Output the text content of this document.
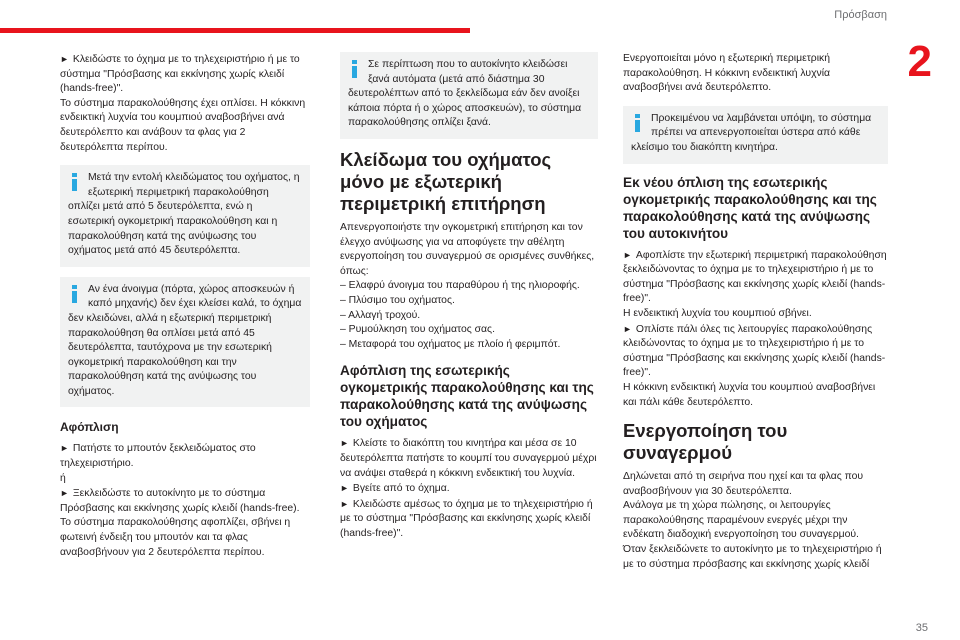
Πρόσβαση
2

► Κλειδώστε το όχημα με το τηλεχειριστήριο ή με το σύστημα "Πρόσβασης και εκκίνησης χωρίς κλειδί (hands-free)".

Το σύστημα παρακολούθησης έχει οπλίσει. Η κόκκινη ενδεικτική λυχνία του κουμπιού αναβοσβήνει ανά δευτερόλεπτο και ανάβουν τα φλας για 2 δευτερόλεπτα περίπου.

Μετά την εντολή κλειδώματος του οχήματος, η εξωτερική περιμετρική παρακολούθηση οπλίζει μετά από 5 δευτερόλεπτα, ενώ η εσωτερική ογκομετρική παρακολούθηση και η παρακολούθηση κατά της ανύψωσης του οχήματος μετά από 45 δευτερόλεπτα.
Αν ένα άνοιγμα (πόρτα, χώρος αποσκευών ή καπό μηχανής) δεν έχει κλείσει καλά, το όχημα δεν κλειδώνει, αλλά η εξωτερική περιμετρική παρακολούθηση θα οπλίσει μετά από 45 δευτερόλεπτα, ταυτόχρονα με την εσωτερική ογκομετρική παρακολούθηση και την παρακολούθηση κατά της ανύψωσης του οχήματος.
Αφόπλιση

► Πατήστε το μπουτόν ξεκλειδώματος στο τηλεχειριστήριο.

ή

► Ξεκλειδώστε το αυτοκίνητο με το σύστημα Πρόσβασης και εκκίνησης χωρίς κλειδί (hands-free).

Το σύστημα παρακολούθησης αφοπλίζει, σβήνει η φωτεινή ένδειξη του μπουτόν και τα φλας αναβοσβήνουν για 2 δευτερόλεπτα περίπου.

Σε περίπτωση που το αυτοκίνητο κλειδώσει ξανά αυτόματα (μετά από διάστημα 30 δευτερολέπτων από το ξεκλείδωμα εάν δεν ανοίξει κάποια πόρτα ή ο χώρος αποσκευών), το σύστημα παρακολούθησης οπλίζει ξανά.
Κλείδωμα του οχήματος μόνο με εξωτερική περιμετρική επιτήρηση

Απενεργοποιήστε την ογκομετρική επιτήρηση και τον έλεγχο ανύψωσης για να αποφύγετε την αθέλητη ενεργοποίηση του συναγερμού σε ορισμένες συνθήκες, όπως:

– Ελαφρύ άνοιγμα του παραθύρου ή της ηλιοροφής.

– Πλύσιμο του οχήματος.

– Αλλαγή τροχού.

– Ρυμούλκηση του οχήματος σας.

– Μεταφορά του οχήματος με πλοίο ή φεριμπότ.

Αφόπλιση της εσωτερικής ογκομετρικής παρακολούθησης και της παρακολούθησης κατά της ανύψωσης του οχήματος

► Κλείστε το διακόπτη του κινητήρα και μέσα σε 10 δευτερόλεπτα πατήστε το κουμπί του συναγερμού μέχρι να ανάψει σταθερά η κόκκινη ενδεικτική του λυχνία.

► Βγείτε από το όχημα.

► Κλειδώστε αμέσως το όχημα με το τηλεχειριστήριο ή με το σύστημα "Πρόσβασης και εκκίνησης χωρίς κλειδί (hands-free)".

Ενεργοποιείται μόνο η εξωτερική περιμετρική παρακολούθηση. Η κόκκινη ενδεικτική λυχνία αναβοσβήνει ανά δευτερόλεπτο.

Προκειμένου να λαμβάνεται υπόψη, το σύστημα πρέπει να απενεργοποιείται ύστερα από κάθε κλείσιμο του διακόπτη κινητήρα.
Εκ νέου όπλιση της εσωτερικής ογκομετρικής παρακολούθησης και της παρακολούθησης κατά της ανύψωσης του αυτοκινήτου

► Αφοπλίστε την εξωτερική περιμετρική παρακολούθηση ξεκλειδώνοντας το όχημα με το τηλεχειριστήριο ή με το σύστημα "Πρόσβασης και εκκίνησης χωρίς κλειδί (hands-free)".

Η ενδεικτική λυχνία του κουμπιού σβήνει.

► Οπλίστε πάλι όλες τις λειτουργίες παρακολούθησης κλειδώνοντας το όχημα με το τηλεχειριστήριο ή με το σύστημα "Πρόσβασης και εκκίνησης χωρίς κλειδί (hands-free)".

Η κόκκινη ενδεικτική λυχνία του κουμπιού αναβοσβήνει και πάλι κάθε δευτερόλεπτο.

Ενεργοποίηση του συναγερμού

Δηλώνεται από τη σειρήνα που ηχεί και τα φλας που αναβοσβήνουν για 30 δευτερόλεπτα.

Ανάλογα με τη χώρα πώλησης, οι λειτουργίες παρακολούθησης παραμένουν ενεργές μέχρι την ενδέκατη διαδοχική ενεργοποίηση του συναγερμού.

Όταν ξεκλειδώνετε το αυτοκίνητο με το τηλεχειριστήριο ή με το σύστημα πρόσβασης και εκκίνησης χωρίς κλειδί

35
